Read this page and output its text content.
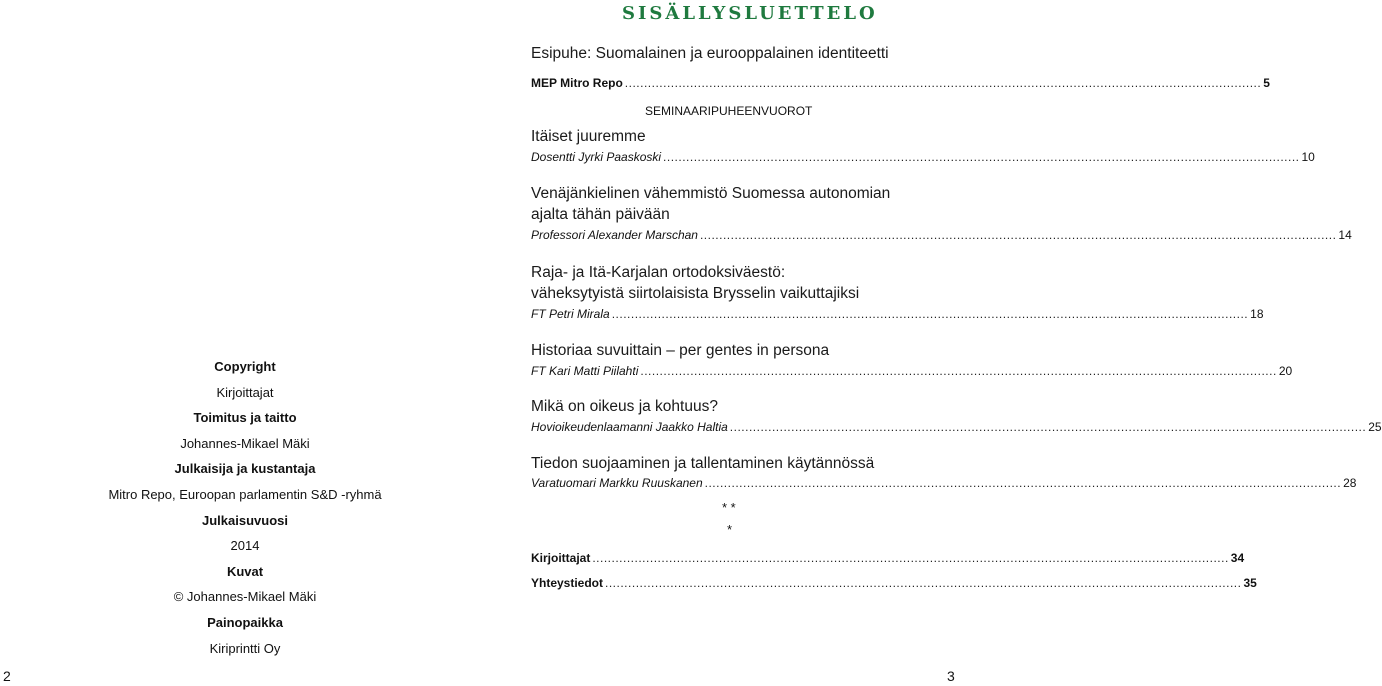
Copyright
Kirjoittajat
Toimitus ja taitto
Johannes-Mikael Mäki
Julkaisija ja kustantaja
Mitro Repo, Euroopan parlamentin S&D -ryhmä
Julkaisuvuosi
2014
Kuvat
© Johannes-Mikael Mäki
Painopaikka
Kiriprintti Oy
2
SISÄLLYSLUETTELO
Esipuhe: Suomalainen ja eurooppalainen identiteetti
MEP Mitro Repo ...................................................................................................................................................................... 5
SEMINAARIPUHEENVUOROT
Itäiset juuremme
Dosentti Jyrki Paaskoski ...................................................................................................................................................................... 10
Venäjänkielinen vähemmistö Suomessa autonomian
ajalta tähän päivään
Professori Alexander Marschan ...................................................................................................................................................................... 14
Raja- ja Itä-Karjalan ortodoksiväestö:
väheksytyistä siirtolaisista Brysselin vaikuttajiksi
FT Petri Mirala ...................................................................................................................................................................... 18
Historiaa suvuittain – per gentes in persona
FT Kari Matti Piilahti ...................................................................................................................................................................... 20
Mikä on oikeus ja kohtuus?
Hovioikeudenlaamanni Jaakko Haltia ...................................................................................................................................................................... 25
Tiedon suojaaminen ja tallentaminen käytännössä
Varatuomari Markku Ruuskanen ...................................................................................................................................................................... 28
* *
*
Kirjoittajat ...................................................................................................................................................................... 34
Yhteystiedot ...................................................................................................................................................................... 35
3
